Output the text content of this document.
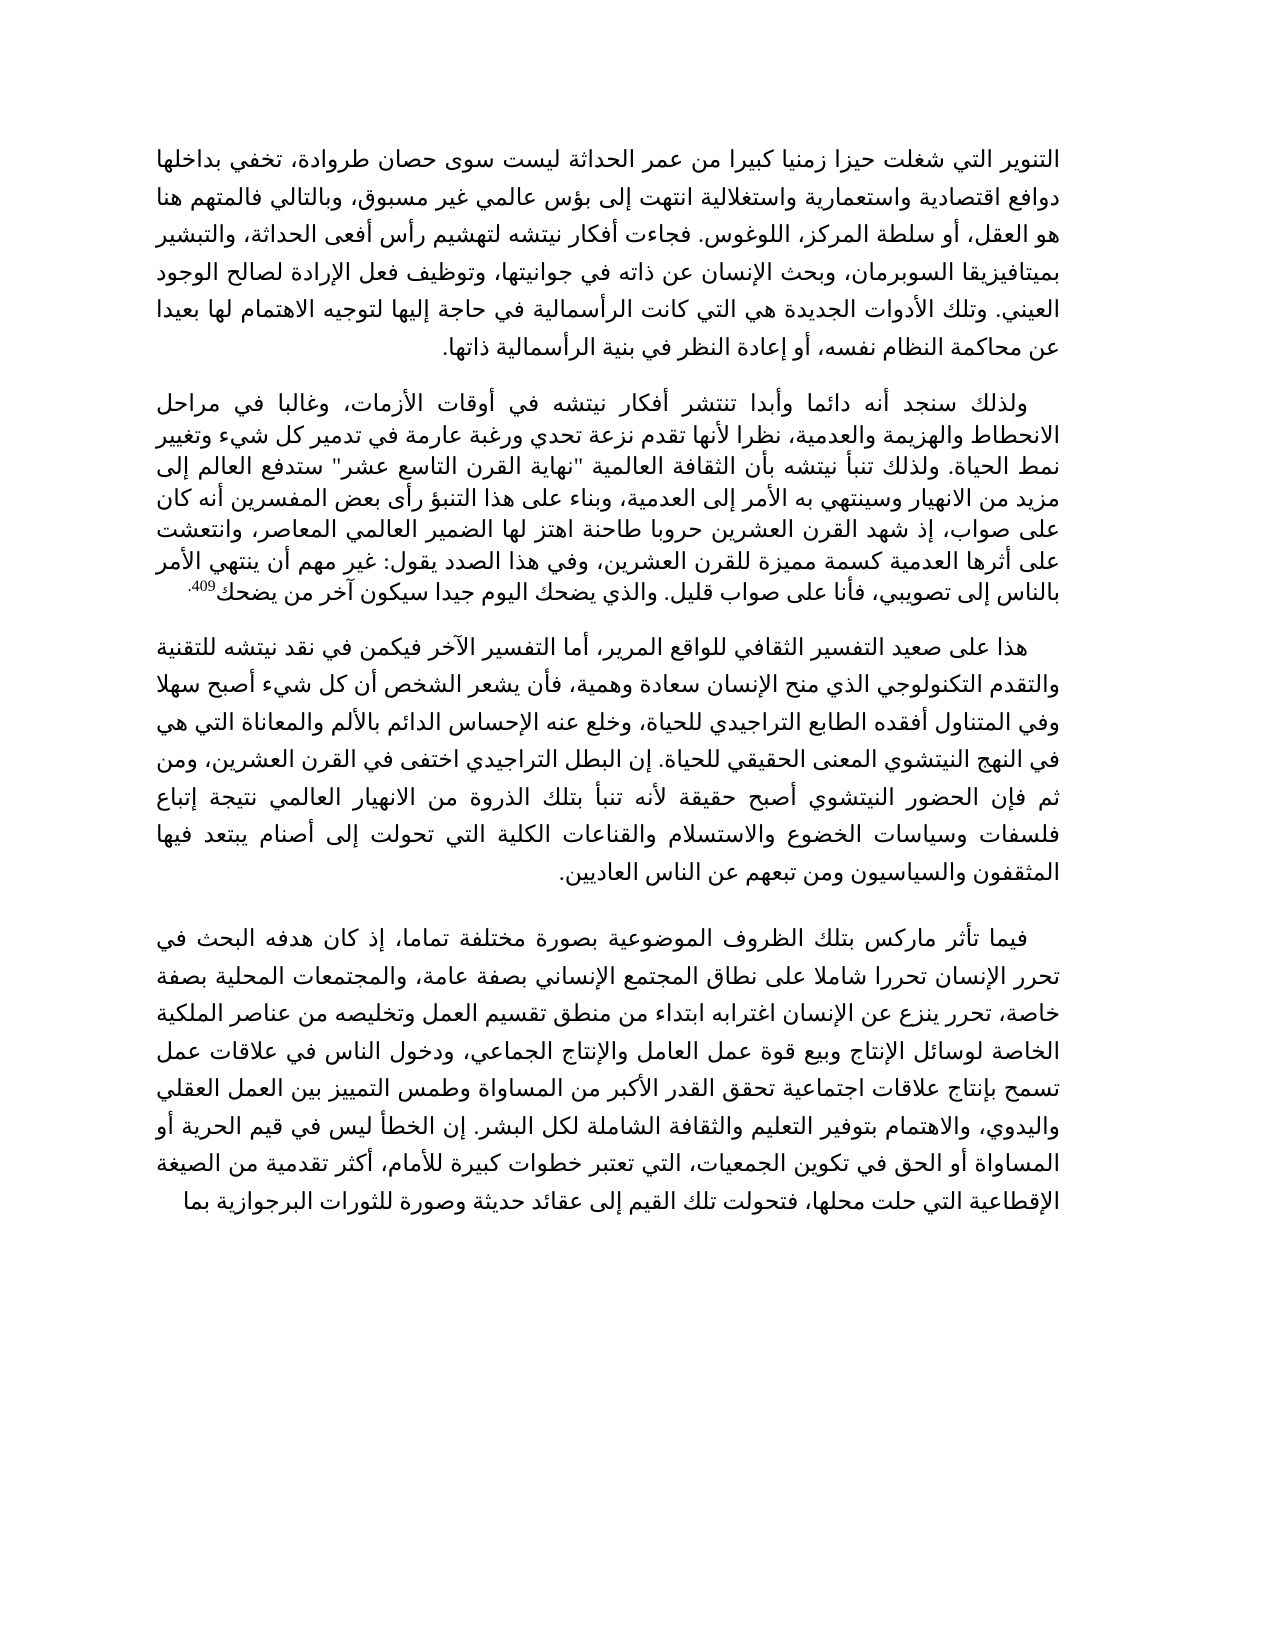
التنوير التي شغلت حيزا زمنيا كبيرا من عمر الحداثة ليست سوى حصان طروادة، تخفي بداخلها دوافع اقتصادية واستعمارية واستغلالية انتهت إلى بؤس عالمي غير مسبوق، وبالتالي فالمتهم هنا هو العقل، أو سلطة المركز، اللوغوس. فجاءت أفكار نيتشه لتهشيم رأس أفعى الحداثة، والتبشير بميتافيزيقا السوبرمان، وبحث الإنسان عن ذاته في جوانيتها، وتوظيف فعل الإرادة لصالح الوجود العيني. وتلك الأدوات الجديدة هي التي كانت الرأسمالية في حاجة إليها لتوجيه الاهتمام لها بعيدا عن محاكمة النظام نفسه، أو إعادة النظر في بنية الرأسمالية ذاتها.

ولذلك سنجد أنه دائما وأبدا تنتشر أفكار نيتشه في أوقات الأزمات، وغالبا في مراحل الانحطاط والهزيمة والعدمية، نظرا لأنها تقدم نزعة تحدي ورغبة عارمة في تدمير كل شيء وتغيير نمط الحياة. ولذلك تنبأ نيتشه بأن الثقافة العالمية "نهاية القرن التاسع عشر" ستدفع العالم إلى مزيد من الانهيار وسينتهي به الأمر إلى العدمية، وبناء على هذا التنبؤ رأى بعض المفسرين أنه كان على صواب، إذ شهد القرن العشرين حروبا طاحنة اهتز لها الضمير العالمي المعاصر، وانتعشت على أثرها العدمية كسمة مميزة للقرن العشرين، وفي هذا الصدد يقول: غير مهم أن ينتهي الأمر بالناس إلى تصويبي، فأنا على صواب قليل. والذي يضحك اليوم جيدا سيكون آخر من يضحك$^{409.}$

هذا على صعيد التفسير الثقافي للواقع المرير، أما التفسير الآخر فيكمن في نقد نيتشه للتقنية والتقدم التكنولوجي الذي منح الإنسان سعادة وهمية، فأن يشعر الشخص أن كل شيء أصبح سهلا وفي المتناول أفقده الطابع التراجيدي للحياة، وخلع عنه الإحساس الدائم بالألم والمعاناة التي هي في النهج النيتشوي المعنى الحقيقي للحياة. إن البطل التراجيدي اختفى في القرن العشرين، ومن ثم فإن الحضور النيتشوي أصبح حقيقة لأنه تنبأ بتلك الذروة من الانهيار العالمي نتيجة إتباع فلسفات وسياسات الخضوع والاستسلام والقناعات الكلية التي تحولت إلى أصنام يبتعد فيها المثقفون والسياسيون ومن تبعهم عن الناس العاديين.

فيما تأثر ماركس بتلك الظروف الموضوعية بصورة مختلفة تماما، إذ كان هدفه البحث في تحرر الإنسان تحررا شاملا على نطاق المجتمع الإنساني بصفة عامة، والمجتمعات المحلية بصفة خاصة، تحرر ينزع عن الإنسان اغترابه ابتداء من منطق تقسيم العمل وتخليصه من عناصر الملكية الخاصة لوسائل الإنتاج وبيع قوة عمل العامل والإنتاج الجماعي، ودخول الناس في علاقات عمل تسمح بإنتاج علاقات اجتماعية تحقق القدر الأكبر من المساواة وطمس التمييز بين العمل العقلي واليدوي، والاهتمام بتوفير التعليم والثقافة الشاملة لكل البشر. إن الخطأ ليس في قيم الحرية أو المساواة أو الحق في تكوين الجمعيات، التي تعتبر خطوات كبيرة للأمام، أكثر تقدمية من الصيغة الإقطاعية التي حلت محلها، فتحولت تلك القيم إلى عقائد حديثة وصورة للثورات البرجوازية بما
